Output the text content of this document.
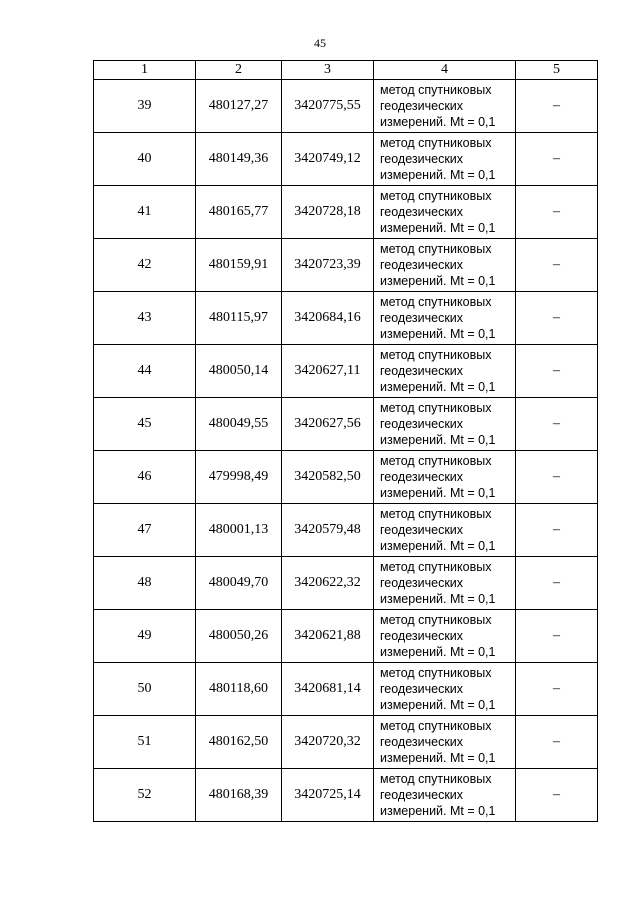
45
1	2	3	4	5
39	480127,27	3420775,55	метод спутниковых
геодезических
измерений. Mt = 0,1	–
40	480149,36	3420749,12	метод спутниковых
геодезических
измерений. Mt = 0,1	–
41	480165,77	3420728,18	метод спутниковых
геодезических
измерений. Mt = 0,1	–
42	480159,91	3420723,39	метод спутниковых
геодезических
измерений. Mt = 0,1	–
43	480115,97	3420684,16	метод спутниковых
геодезических
измерений. Mt = 0,1	–
44	480050,14	3420627,11	метод спутниковых
геодезических
измерений. Mt = 0,1	–
45	480049,55	3420627,56	метод спутниковых
геодезических
измерений. Mt = 0,1	–
46	479998,49	3420582,50	метод спутниковых
геодезических
измерений. Mt = 0,1	–
47	480001,13	3420579,48	метод спутниковых
геодезических
измерений. Mt = 0,1	–
48	480049,70	3420622,32	метод спутниковых
геодезических
измерений. Mt = 0,1	–
49	480050,26	3420621,88	метод спутниковых
геодезических
измерений. Mt = 0,1	–
50	480118,60	3420681,14	метод спутниковых
геодезических
измерений. Mt = 0,1	–
51	480162,50	3420720,32	метод спутниковых
геодезических
измерений. Mt = 0,1	–
52	480168,39	3420725,14	метод спутниковых
геодезических
измерений. Mt = 0,1	–
